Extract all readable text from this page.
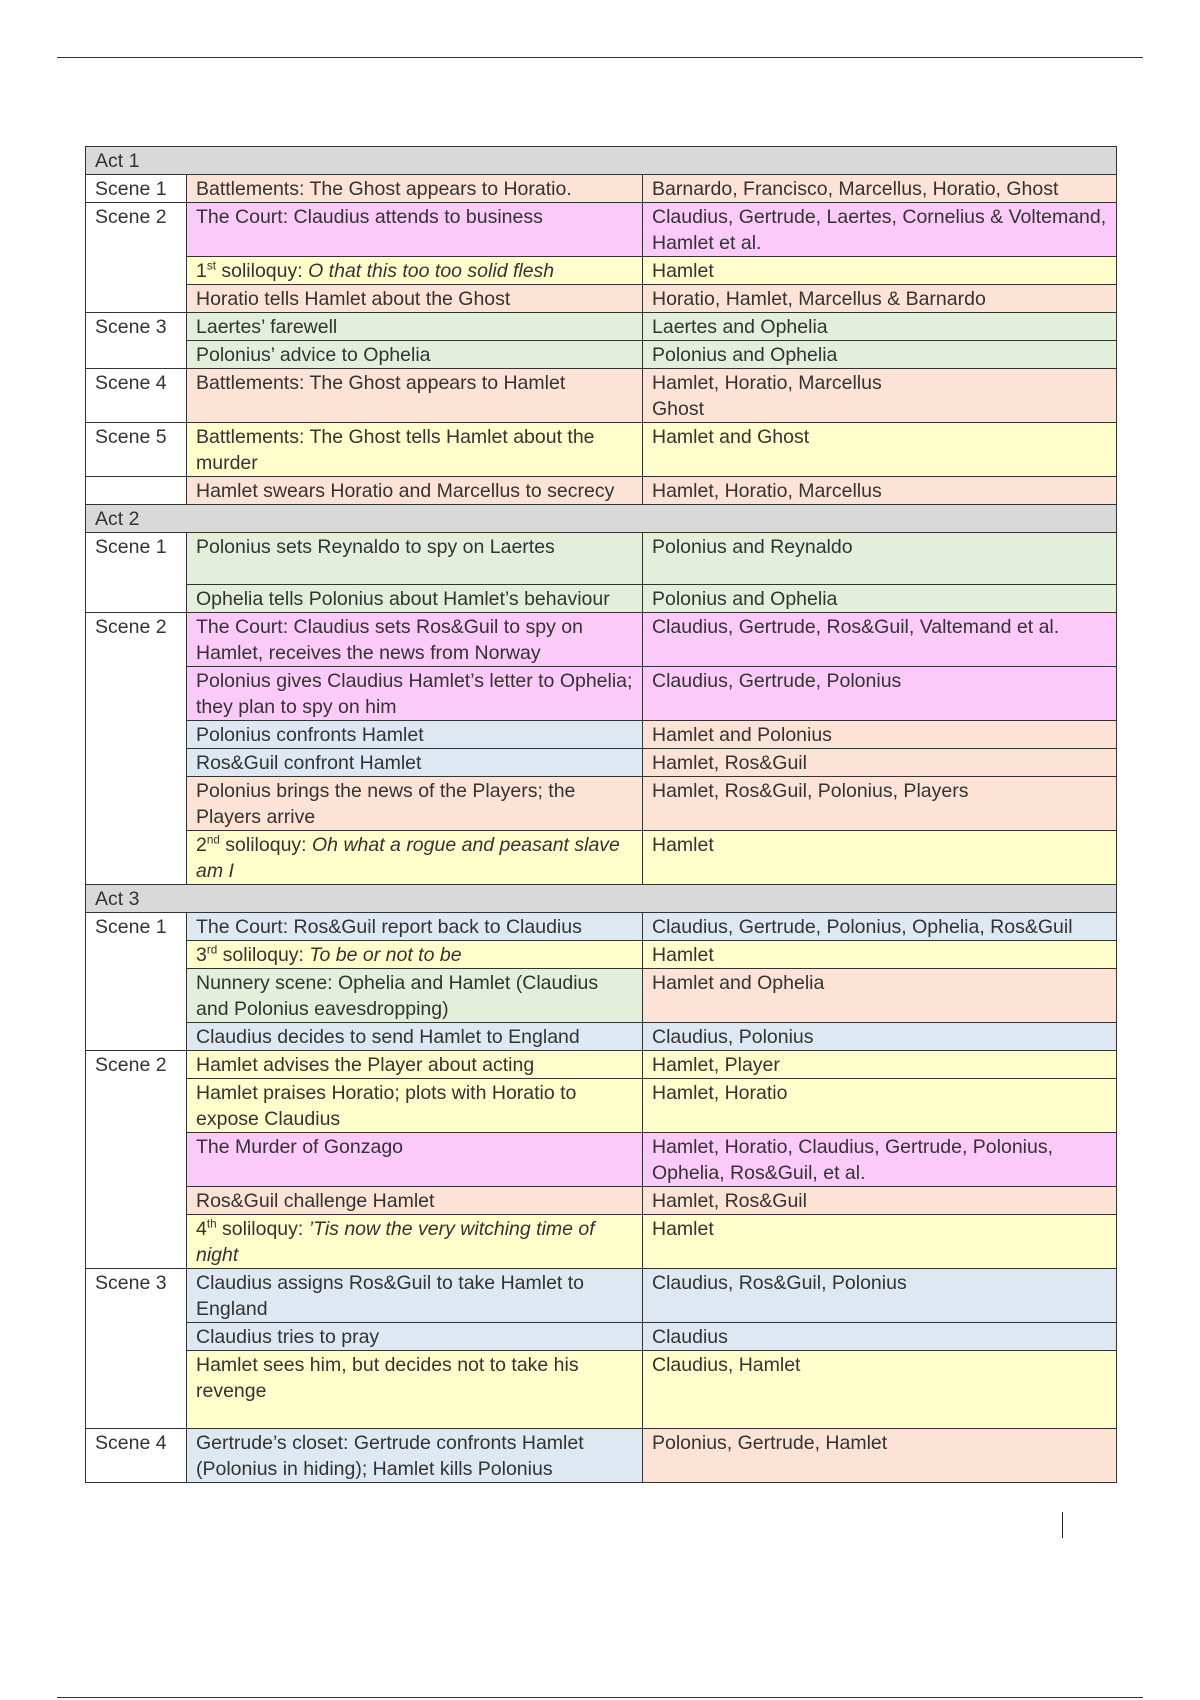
Act 1		
Scene 1	Battlements: The Ghost appears to Horatio.	Barnardo, Francisco, Marcellus, Horatio, Ghost
Scene 2	The Court: Claudius attends to business	Claudius, Gertrude, Laertes, Cornelius & Voltemand, Hamlet et al.
	1st soliloquy: O that this too too solid flesh	Hamlet
	Horatio tells Hamlet about the Ghost	Horatio, Hamlet, Marcellus & Barnardo
Scene 3	Laertes’ farewell	Laertes and Ophelia
	Polonius’ advice to Ophelia	Polonius and Ophelia
Scene 4	Battlements: The Ghost appears to Hamlet	Hamlet, Horatio, Marcellus
Ghost

Scene 5	Battlements: The Ghost tells Hamlet about the murder	Hamlet and Ghost
	Hamlet swears Horatio and Marcellus to secrecy	Hamlet, Horatio, Marcellus
Act 2		
Scene 1	Polonius sets Reynaldo to spy on Laertes	Polonius and Reynaldo
	Ophelia tells Polonius about Hamlet’s behaviour	Polonius and Ophelia
Scene 2	The Court: Claudius sets Ros&Guil to spy on Hamlet, receives the news from Norway	Claudius, Gertrude, Ros&Guil, Valtemand et al.
	Polonius gives Claudius Hamlet’s letter to Ophelia; they plan to spy on him	Claudius, Gertrude, Polonius
	Polonius confronts Hamlet	Hamlet and Polonius
	Ros&Guil confront Hamlet	Hamlet, Ros&Guil
	Polonius brings the news of the Players; the Players arrive	Hamlet, Ros&Guil, Polonius, Players
	2nd soliloquy: Oh what a rogue and peasant slave am I	Hamlet
Act 3		
Scene 1	The Court: Ros&Guil report back to Claudius	Claudius, Gertrude, Polonius, Ophelia, Ros&Guil
	3rd soliloquy: To be or not to be	Hamlet
	Nunnery scene: Ophelia and Hamlet (Claudius and Polonius eavesdropping)	Hamlet and Ophelia
	Claudius decides to send Hamlet to England	Claudius, Polonius
Scene 2	Hamlet advises the Player about acting	Hamlet, Player
	Hamlet praises Horatio; plots with Horatio to expose Claudius	Hamlet, Horatio
	The Murder of Gonzago	Hamlet, Horatio, Claudius, Gertrude, Polonius, Ophelia, Ros&Guil, et al.
	Ros&Guil challenge Hamlet	Hamlet, Ros&Guil
	4th soliloquy: ’Tis now the very witching time of night	Hamlet
Scene 3	Claudius assigns Ros&Guil to take Hamlet to England	Claudius, Ros&Guil, Polonius
	Claudius tries to pray	Claudius
	Hamlet sees him, but decides not to take his revenge	Claudius, Hamlet
Scene 4	Gertrude’s closet: Gertrude confronts Hamlet (Polonius in hiding); Hamlet kills Polonius	Polonius, Gertrude, Hamlet
